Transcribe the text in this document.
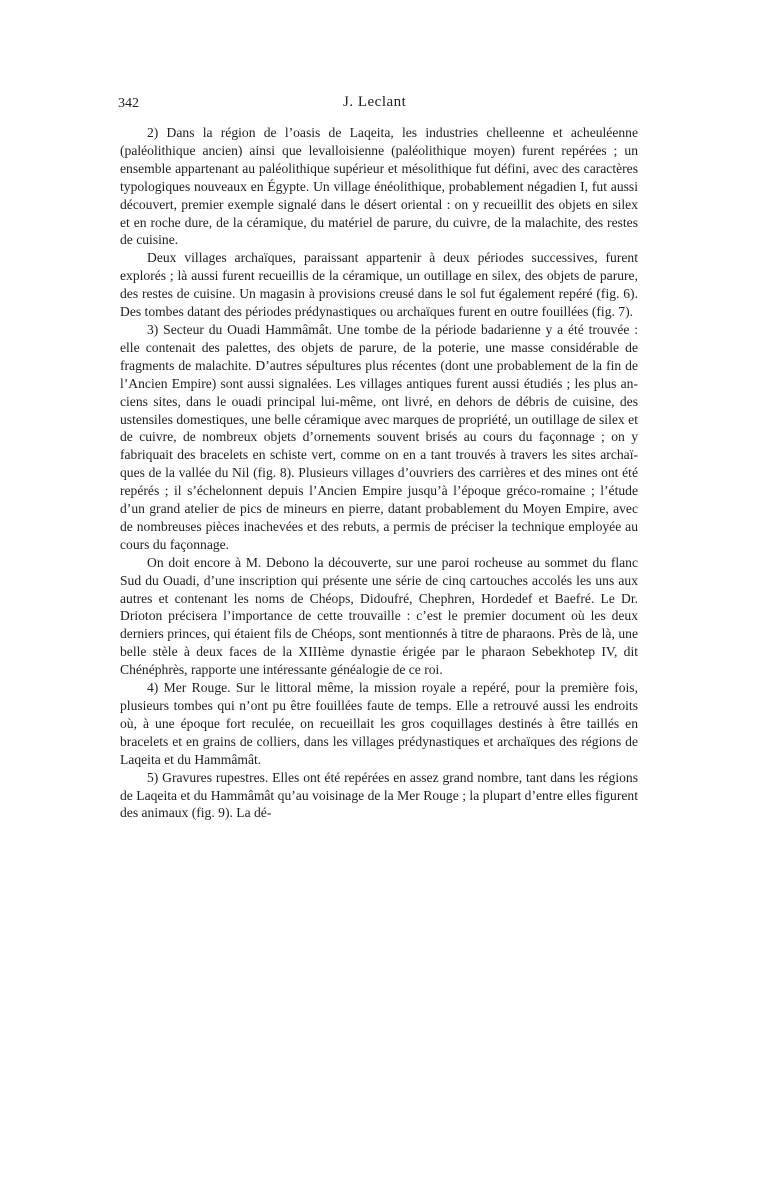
342	J. Leclant

2) Dans la région de l’oasis de Laqeita, les industries chelleenne et acheuléenne (paléolithique ancien) ainsi que levalloisienne (paléolithique moyen) furent repérées ; un ensemble appartenant au paléolithique supérieur et mésolithique fut défini, avec des caractères typologiques nouveaux en Égypte. Un village énéolithique, probablement négadien I, fut aussi découvert, premier exemple signalé dans le désert oriental : on y recueillit des objets en silex et en roche dure, de la céramique, du matériel de parure, du cuivre, de la malachite, des restes de cuisine.

Deux villages archaïques, paraissant appartenir à deux périodes successives, furent explorés ; là aussi furent recueillis de la céramique, un outillage en silex, des objets de parure, des restes de cuisine. Un magasin à provisions creusé dans le sol fut également repéré (fig. 6). Des tombes datant des périodes prédynastiques ou archaïques furent en outre fouillées (fig. 7).

3) Secteur du Ouadi Hammâmât. Une tombe de la période badarienne y a été trouvée : elle contenait des palettes, des objets de parure, de la poterie, une masse considérable de fragments de malachite. D’autres sépultures plus récentes (dont une probablement de la fin de l’Ancien Empire) sont aussi signalées. Les villages antiques furent aussi étudiés ; les plus anciens sites, dans le ouadi principal lui-même, ont livré, en dehors de débris de cuisine, des ustensiles domestiques, une belle céramique avec marques de propriété, un outillage de silex et de cuivre, de nombreux objets d’ornements souvent brisés au cours du façonnage ; on y fabriquait des bracelets en schiste vert, comme on en a tant trouvés à travers les sites archaïques de la vallée du Nil (fig. 8). Plusieurs villages d’ouvriers des carrières et des mines ont été repérés ; il s’échelonnent depuis l’Ancien Empire jusqu’à l’époque gréco-romaine ; l’étude d’un grand atelier de pics de mineurs en pierre, datant probablement du Moyen Empire, avec de nombreuses pièces inachevées et des rebuts, a permis de préciser la technique employée au cours du façonnage.

On doit encore à M. Debono la découverte, sur une paroi rocheuse au sommet du flanc Sud du Ouadi, d’une inscription qui présente une série de cinq cartouches accolés les uns aux autres et contenant les noms de Chéops, Didoufré, Chephren, Hordedef et Baefré. Le Dr. Drioton précisera l’importance de cette trouvaille : c’est le premier document où les deux derniers princes, qui étaient fils de Chéops, sont mentionnés à titre de pharaons. Près de là, une belle stèle à deux faces de la XIIIème dynastie érigée par le pharaon Sebekhotep IV, dit Chénéphrès, rapporte une intéressante généalogie de ce roi.

4) Mer Rouge. Sur le littoral même, la mission royale a repéré, pour la première fois, plusieurs tombes qui n’ont pu être fouillées faute de temps. Elle a retrouvé aussi les endroits où, à une époque fort reculée, on recueillait les gros coquillages destinés à être taillés en bracelets et en grains de colliers, dans les villages prédynastiques et archaïques des régions de Laqeita et du Hammâmât.

5) Gravures rupestres. Elles ont été repérées en assez grand nombre, tant dans les régions de Laqeita et du Hammâmât qu’au voisinage de la Mer Rouge ; la plupart d’entre elles figurent des animaux (fig. 9). La dé-
